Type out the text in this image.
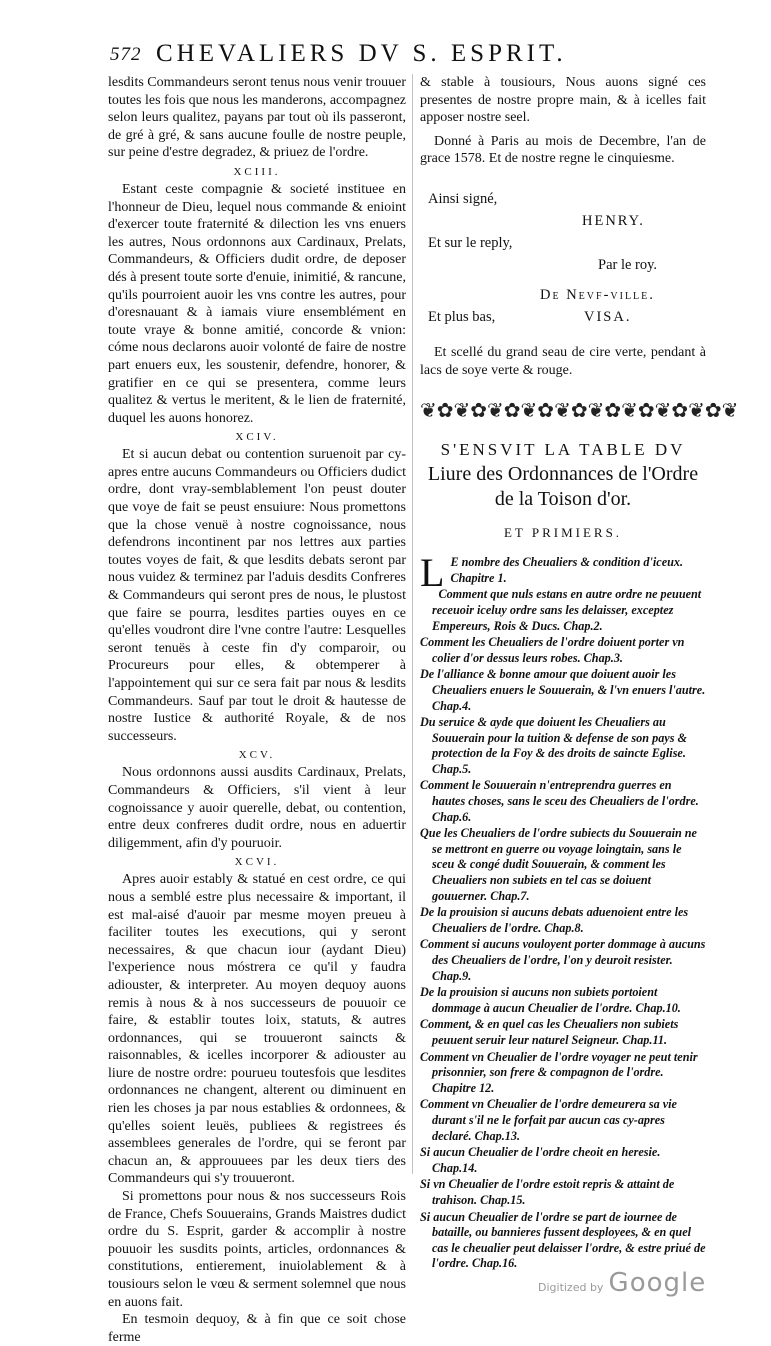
572 CHEVALIERS DV S. ESPRIT.

lesdits Commandeurs seront tenus nous venir trouuer toutes les fois que nous les manderons, accompagnez selon leurs qualitez, payans par tout où ils passeront, de gré à gré, & sans aucune foulle de nostre peuple, sur peine d'estre degradez, & priuez de l'ordre.

XCIII.

Estant ceste compagnie & societé instituee en l'honneur de Dieu, lequel nous commande & enioint d'exercer toute fraternité & dilection les vns enuers les autres, Nous ordonnons aux Cardinaux, Prelats, Commandeurs, & Officiers dudit ordre, de deposer dés à present toute sorte d'enuie, inimitié, & rancune, qu'ils pourroient auoir les vns contre les autres, pour d'oresnauant & à iamais viure ensemblément en toute vraye & bonne amitié, concorde & vnion: cóme nous declarons auoir volonté de faire de nostre part enuers eux, les soustenir, defendre, honorer, & gratifier en ce qui se presentera, comme leurs qualitez & vertus le meritent, & le lien de fraternité, duquel les auons honorez.

XCIV.

Et si aucun debat ou contention suruenoit par cy-apres entre aucuns Commandeurs ou Officiers dudict ordre, dont vray-semblablement l'on peust douter que voye de fait se peust ensuiure: Nous promettons que la chose venuë à nostre cognoissance, nous defendrons incontinent par nos lettres aux parties toutes voyes de fait, & que lesdits debats seront par nous vuidez & terminez par l'aduis desdits Confreres & Commandeurs qui seront pres de nous, le plustost que faire se pourra, lesdites parties ouyes en ce qu'elles voudront dire l'vne contre l'autre: Lesquelles seront tenuës à ceste fin d'y comparoir, ou Procureurs pour elles, & obtemperer à l'appointement qui sur ce sera fait par nous & lesdits Commandeurs. Sauf par tout le droit & hautesse de nostre Iustice & authorité Royale, & de nos successeurs.

XCV.

Nous ordonnons aussi ausdits Cardinaux, Prelats, Commandeurs & Officiers, s'il vient à leur cognoissance y auoir querelle, debat, ou contention, entre deux confreres dudit ordre, nous en aduertir diligemment, afin d'y pouruoir.

XCVI.

Apres auoir estably & statué en cest ordre, ce qui nous a semblé estre plus necessaire & important, il est mal-aisé d'auoir par mesme moyen preueu à faciliter toutes les executions, qui y seront necessaires, & que chacun iour (aydant Dieu) l'experience nous móstrera ce qu'il y faudra adiouster, & interpreter. Au moyen dequoy auons remis à nous & à nos successeurs de pouuoir ce faire, & establir toutes loix, statuts, & autres ordonnances, qui se trouueront saincts & raisonnables, & icelles incorporer & adiouster au liure de nostre ordre: pourueu toutesfois que lesdites ordonnances ne changent, alterent ou diminuent en rien les choses ja par nous establies & ordonnees, & qu'elles soient leuës, publiees & registrees és assemblees generales de l'ordre, qui se feront par chacun an, & approuuees par les deux tiers des Commandeurs qui s'y trouueront.

Si promettons pour nous & nos successeurs Rois de France, Chefs Souuerains, Grands Maistres dudict ordre du S. Esprit, garder & accomplir à nostre pouuoir les susdits points, articles, ordonnances & constitutions, entierement, inuiolablement & à tousiours selon le vœu & serment solemnel que nous en auons fait.

En tesmoin dequoy, & à fin que ce soit chose ferme

& stable à tousiours, Nous auons signé ces presentes de nostre propre main, & à icelles fait apposer nostre seel.

Donné à Paris au mois de Decembre, l'an de grace 1578. Et de nostre regne le cinquiesme.

Ainsi signé,
HENRY.
Et sur le reply,
Par le roy.
De Nevf-ville.
Et plus bas,	VISA.

Et scellé du grand seau de cire verte, pendant à lacs de soye verte & rouge.

❦✿❦✿❦✿❦✿❦✿❦✿❦✿❦✿❦✿❦
S'ENSVIT LA TABLE DV
Liure des Ordonnances de l'Ordre de la Toison d'or.
ET PRIMIERS.

L E nombre des Cheualiers & condition d'iceux. Chapitre 1.

Comment que nuls estans en autre ordre ne peuuent receuoir iceluy ordre sans les delaisser, exceptez Empereurs, Rois & Ducs. Chap.2.

Comment les Cheualiers de l'ordre doiuent porter vn colier d'or dessus leurs robes. Chap.3.

De l'alliance & bonne amour que doiuent auoir les Cheualiers enuers le Souuerain, & l'vn enuers l'autre. Chap.4.

Du seruice & ayde que doiuent les Cheualiers au Souuerain pour la tuition & defense de son pays & protection de la Foy & des droits de saincte Eglise. Chap.5.

Comment le Souuerain n'entreprendra guerres en hautes choses, sans le sceu des Cheualiers de l'ordre. Chap.6.

Que les Cheualiers de l'ordre subiects du Souuerain ne se mettront en guerre ou voyage loingtain, sans le sceu & congé dudit Souuerain, & comment les Cheualiers non subiets en tel cas se doiuent gouuerner. Chap.7.

De la prouision si aucuns debats aduenoient entre les Cheualiers de l'ordre. Chap.8.

Comment si aucuns vouloyent porter dommage à aucuns des Cheualiers de l'ordre, l'on y deuroit resister. Chap.9.

De la prouision si aucuns non subiets portoient dommage à aucun Cheualier de l'ordre. Chap.10.

Comment, & en quel cas les Cheualiers non subiets peuuent seruir leur naturel Seigneur. Chap.11.

Comment vn Cheualier de l'ordre voyager ne peut tenir prisonnier, son frere & compagnon de l'ordre. Chapitre 12.

Comment vn Cheualier de l'ordre demeurera sa vie durant s'il ne le forfait par aucun cas cy-apres declaré. Chap.13.

Si aucun Cheualier de l'ordre cheoit en heresie. Chap.14.

Si vn Cheualier de l'ordre estoit repris & attaint de trahison. Chap.15.

Si aucun Cheualier de l'ordre se part de iournee de bataille, ou bannieres fussent desployees, & en quel cas le cheualier peut delaisser l'ordre, & estre priué de l'ordre. Chap.16.

Digitized by Google
